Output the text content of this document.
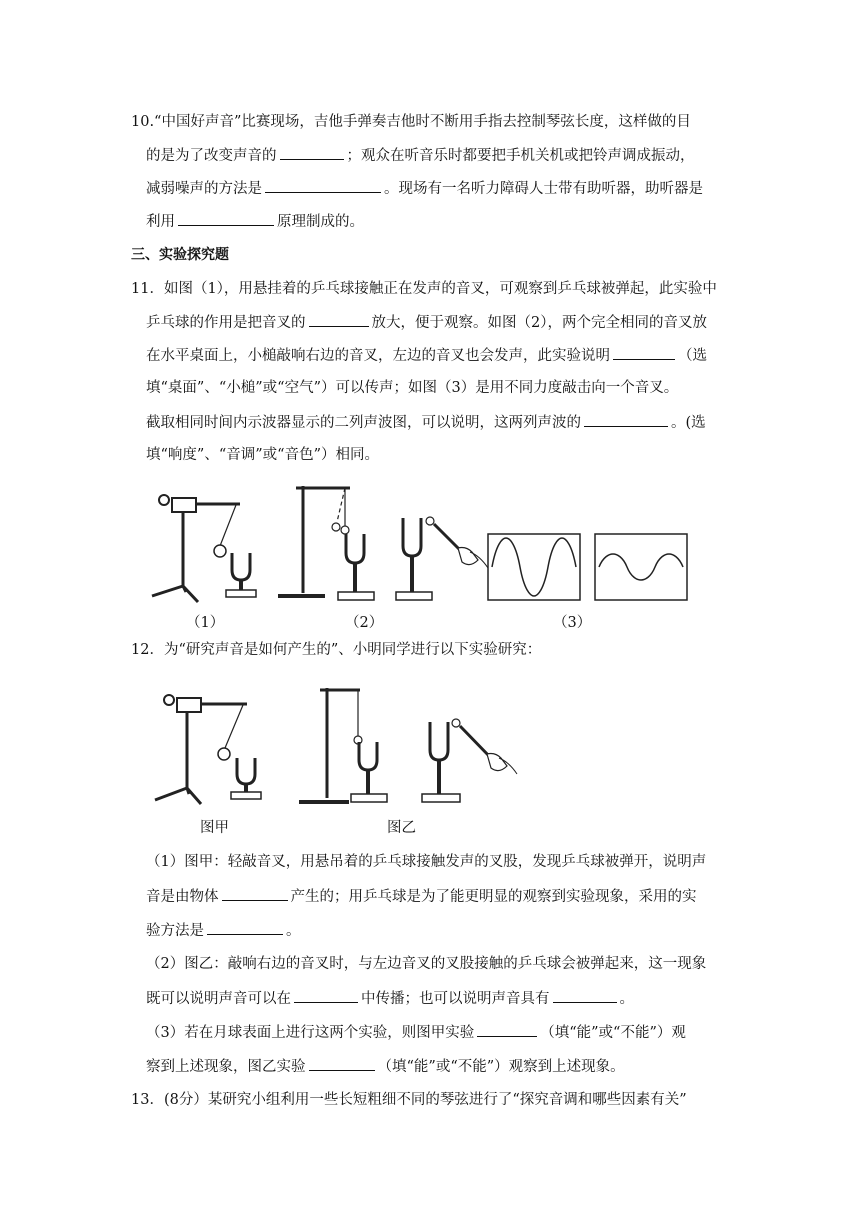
10.“中国好声音”比赛现场，吉他手弹奏吉他时不断用手指去控制琴弦长度，这样做的目
的是为了改变声音的	；观众在听音乐时都要把手机关机或把铃声调成振动，
减弱噪声的方法是	。现场有一名听力障碍人士带有助听器，助听器是
利用	原理制成的。
三、实验探究题
11．如图（1），用悬挂着的乒乓球接触正在发声的音叉，可观察到乒乓球被弹起，此实验中
乒乓球的作用是把音叉的	放大，便于观察。如图（2），两个完全相同的音叉放
在水平桌面上，小槌敲响右边的音叉，左边的音叉也会发声，此实验说明	（选
填“桌面”、“小槌”或“空气”）可以传声；如图（3）是用不同力度敲击向一个音叉。
截取相同时间内示波器显示的二列声波图，可以说明，这两列声波的	。(选
填“响度”、“音调”或“音色”）相同。
（1）	（2）	（3）
12．为“研究声音是如何产生的”、小明同学进行以下实验研究：
图甲	图乙
（1）图甲：轻敲音叉，用悬吊着的乒乓球接触发声的叉股，发现乒乓球被弹开，说明声
音是由物体	产生的；用乒乓球是为了能更明显的观察到实验现象，采用的实
验方法是	。
（2）图乙：敲响右边的音叉时，与左边音叉的叉股接触的乒乓球会被弹起来，这一现象
既可以说明声音可以在	中传播；也可以说明声音具有	。
（3）若在月球表面上进行这两个实验，则图甲实验	（填“能”或“不能”）观
察到上述现象，图乙实验	（填“能”或“不能”）观察到上述现象。
13．(8分）某研究小组利用一些长短粗细不同的琴弦进行了“探究音调和哪些因素有关”
